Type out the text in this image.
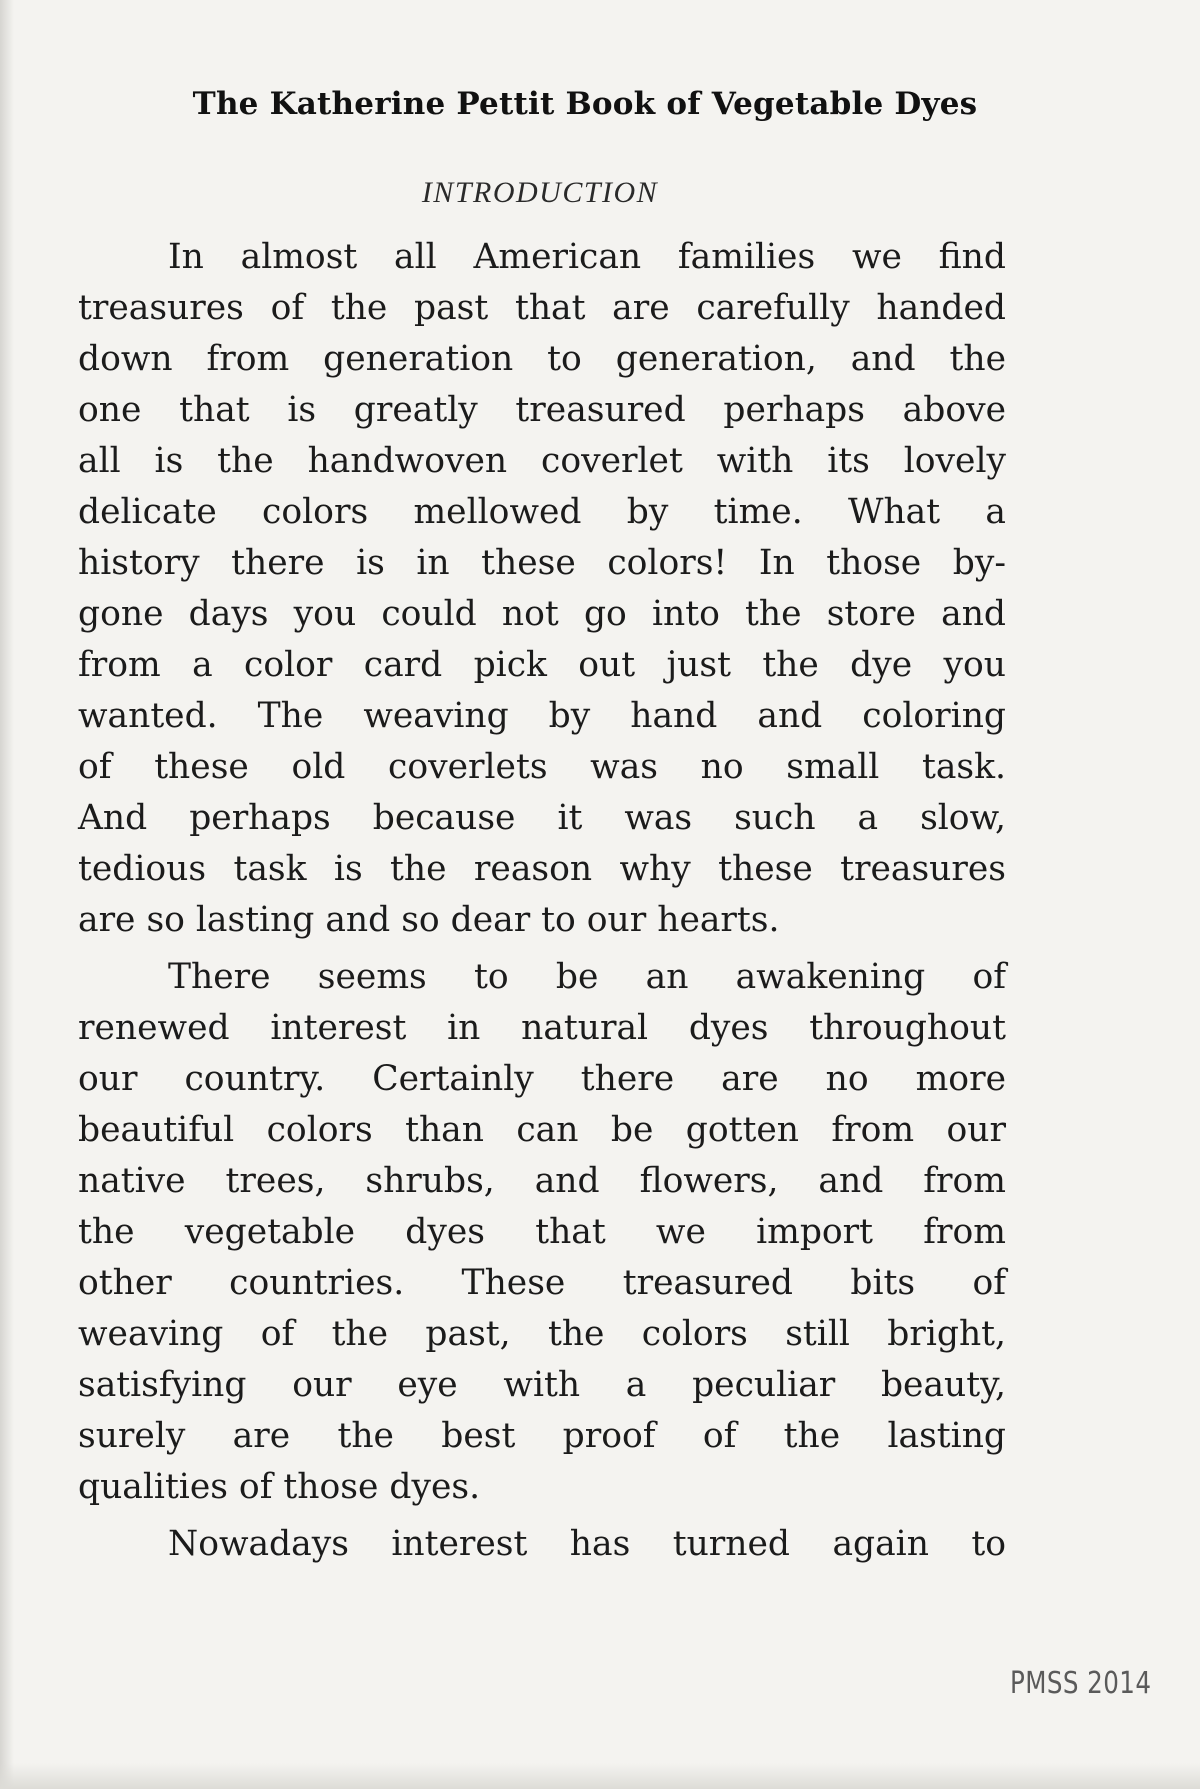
The Katherine Pettit Book of Vegetable Dyes
INTRODUCTION
In almost all American families we find
treasures of the past that are carefully handed
down from generation to generation, and the
one that is greatly treasured perhaps above
all is the handwoven coverlet with its lovely
delicate colors mellowed by time. What a
history there is in these colors! In those by-
gone days you could not go into the store and
from a color card pick out just the dye you
wanted. The weaving by hand and coloring
of these old coverlets was no small task.
And perhaps because it was such a slow,
tedious task is the reason why these treasures
are so lasting and so dear to our hearts.
There seems to be an awakening of
renewed interest in natural dyes throughout
our country. Certainly there are no more
beautiful colors than can be gotten from our
native trees, shrubs, and flowers, and from
the vegetable dyes that we import from
other countries. These treasured bits of
weaving of the past, the colors still bright,
satisfying our eye with a peculiar beauty,
surely are the best proof of the lasting
qualities of those dyes.
Nowadays interest has turned again to
PMSS 2014
